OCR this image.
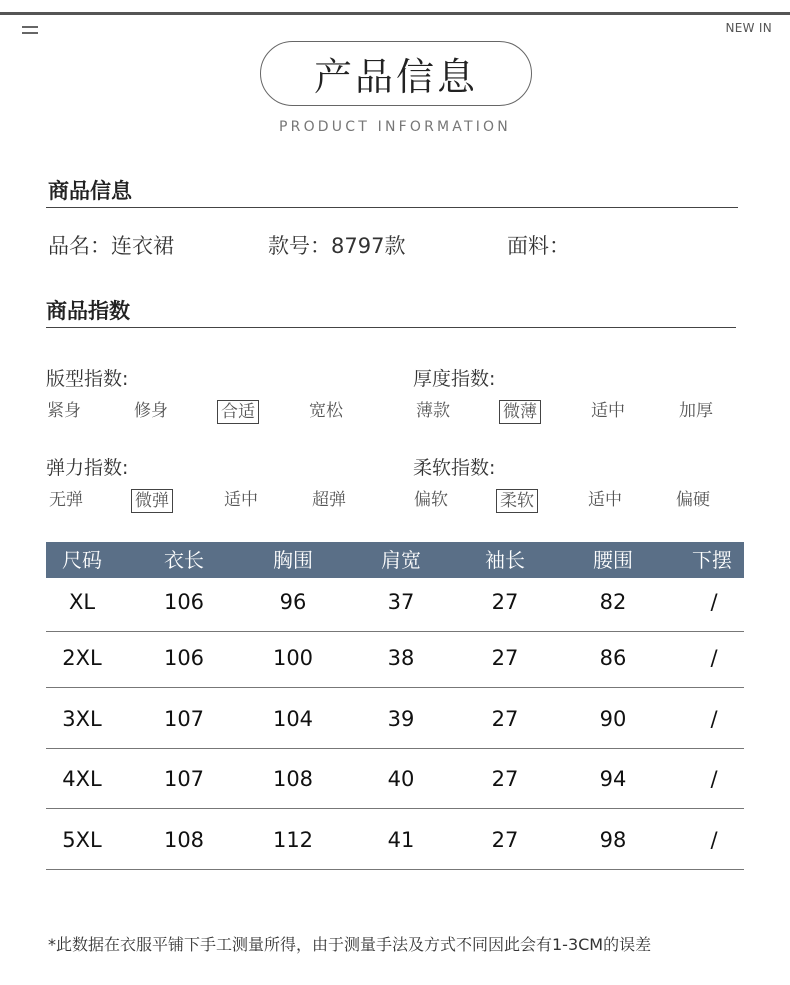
NEW IN
产品信息
PRODUCT INFORMATION
商品信息
品名：连衣裙	款号：8797款	面料：
商品指数
版型指数:	厚度指数:
弹力指数:	柔软指数:
紧身	修身	合适	宽松	薄款	微薄	适中	加厚
无弹	微弹	适中	超弹	偏软	柔软	适中	偏硬
尺码	衣长	胸围	肩宽	袖长	腰围	下摆
XL	106	96	37	27	82	/
2XL	106	100	38	27	86	/
3XL	107	104	39	27	90	/
4XL	107	108	40	27	94	/
5XL	108	112	41	27	98	/
*此数据在衣服平铺下手工测量所得，由于测量手法及方式不同因此会有1-3CM的误差
